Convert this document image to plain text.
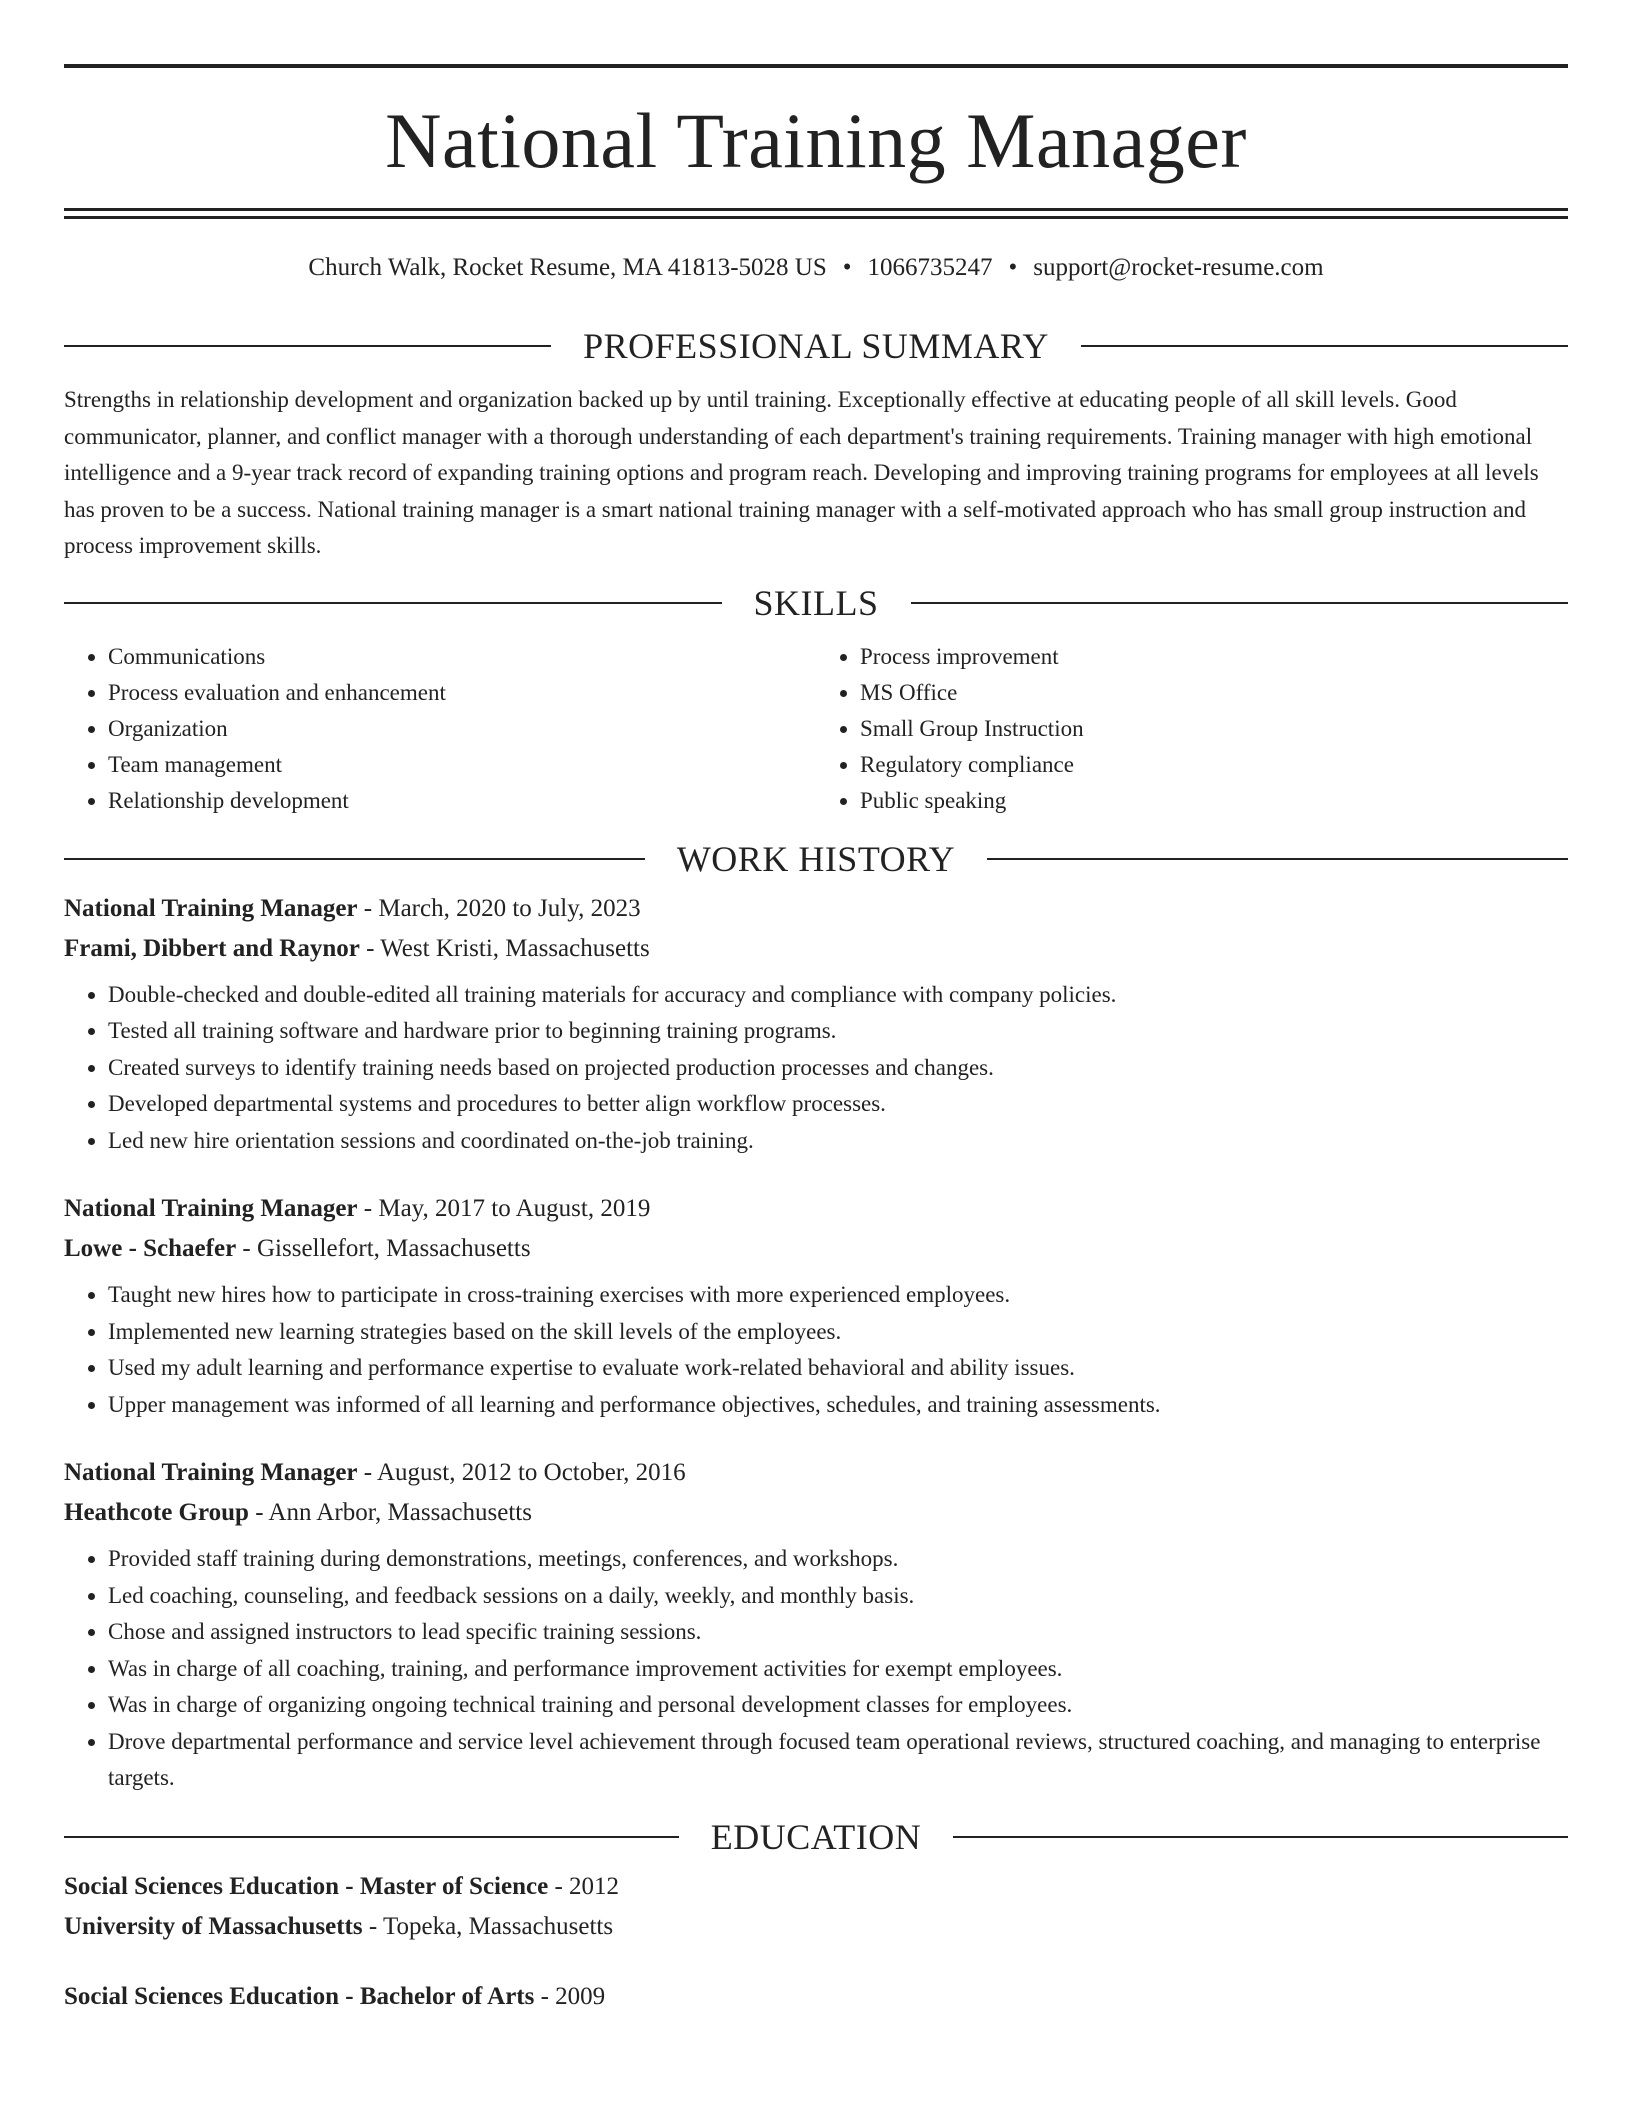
National Training Manager
Church Walk, Rocket Resume, MA 41813-5028 US • 1066735247 • support@rocket-resume.com
PROFESSIONAL SUMMARY

Strengths in relationship development and organization backed up by until training. Exceptionally effective at educating people of all skill levels. Good communicator, planner, and conflict manager with a thorough understanding of each department's training requirements. Training manager with high emotional intelligence and a 9-year track record of expanding training options and program reach. Developing and improving training programs for employees at all levels has proven to be a success. National training manager is a smart national training manager with a self-motivated approach who has small group instruction and process improvement skills.

SKILLS
• Communications
• Process evaluation and enhancement
• Organization
• Team management
• Relationship development
• Process improvement
• MS Office
• Small Group Instruction
• Regulatory compliance
• Public speaking
WORK HISTORY

National Training Manager - March, 2020 to July, 2023

Frami, Dibbert and Raynor - West Kristi, Massachusetts

• Double-checked and double-edited all training materials for accuracy and compliance with company policies.
• Tested all training software and hardware prior to beginning training programs.
• Created surveys to identify training needs based on projected production processes and changes.
• Developed departmental systems and procedures to better align workflow processes.
• Led new hire orientation sessions and coordinated on-the-job training.

National Training Manager - May, 2017 to August, 2019

Lowe - Schaefer - Gissellefort, Massachusetts

• Taught new hires how to participate in cross-training exercises with more experienced employees.
• Implemented new learning strategies based on the skill levels of the employees.
• Used my adult learning and performance expertise to evaluate work-related behavioral and ability issues.
• Upper management was informed of all learning and performance objectives, schedules, and training assessments.

National Training Manager - August, 2012 to October, 2016

Heathcote Group - Ann Arbor, Massachusetts

• Provided staff training during demonstrations, meetings, conferences, and workshops.
• Led coaching, counseling, and feedback sessions on a daily, weekly, and monthly basis.
• Chose and assigned instructors to lead specific training sessions.
• Was in charge of all coaching, training, and performance improvement activities for exempt employees.
• Was in charge of organizing ongoing technical training and personal development classes for employees.
• Drove departmental performance and service level achievement through focused team operational reviews, structured coaching, and managing to enterprise targets.
EDUCATION

Social Sciences Education - Master of Science - 2012

University of Massachusetts - Topeka, Massachusetts

Social Sciences Education - Bachelor of Arts - 2009
